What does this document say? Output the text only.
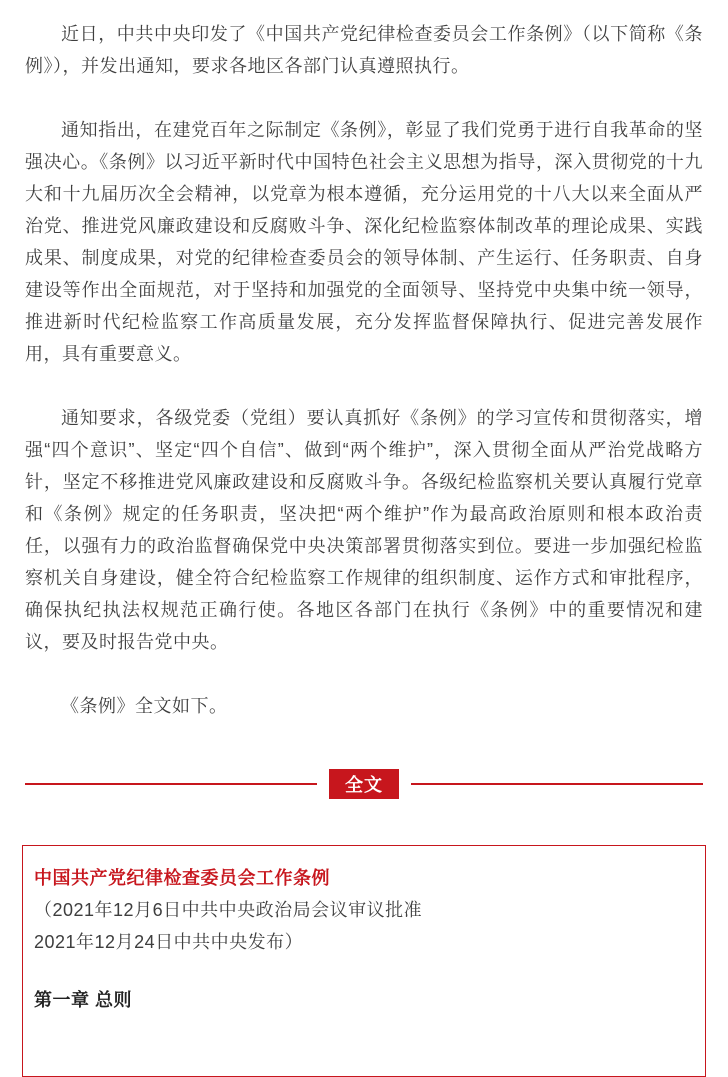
近日，中共中央印发了《中国共产党纪律检查委员会工作条例》（以下简称《条例》），并发出通知，要求各地区各部门认真遵照执行。

通知指出，在建党百年之际制定《条例》，彰显了我们党勇于进行自我革命的坚强决心。《条例》以习近平新时代中国特色社会主义思想为指导，深入贯彻党的十九大和十九届历次全会精神，以党章为根本遵循，充分运用党的十八大以来全面从严治党、推进党风廉政建设和反腐败斗争、深化纪检监察体制改革的理论成果、实践成果、制度成果，对党的纪律检查委员会的领导体制、产生运行、任务职责、自身建设等作出全面规范，对于坚持和加强党的全面领导、坚持党中央集中统一领导，推进新时代纪检监察工作高质量发展，充分发挥监督保障执行、促进完善发展作用，具有重要意义。

通知要求，各级党委（党组）要认真抓好《条例》的学习宣传和贯彻落实，增强“四个意识”、坚定“四个自信”、做到“两个维护”，深入贯彻全面从严治党战略方针，坚定不移推进党风廉政建设和反腐败斗争。各级纪检监察机关要认真履行党章和《条例》规定的任务职责，坚决把“两个维护”作为最高政治原则和根本政治责任，以强有力的政治监督确保党中央决策部署贯彻落实到位。要进一步加强纪检监察机关自身建设，健全符合纪检监察工作规律的组织制度、运作方式和审批程序，确保执纪执法权规范正确行使。各地区各部门在执行《条例》中的重要情况和建议，要及时报告党中央。

《条例》全文如下。

全文
中国共产党纪律检查委员会工作条例

（2021年12月6日中共中央政治局会议审议批准

2021年12月24日中共中央发布）

第一章 总则
